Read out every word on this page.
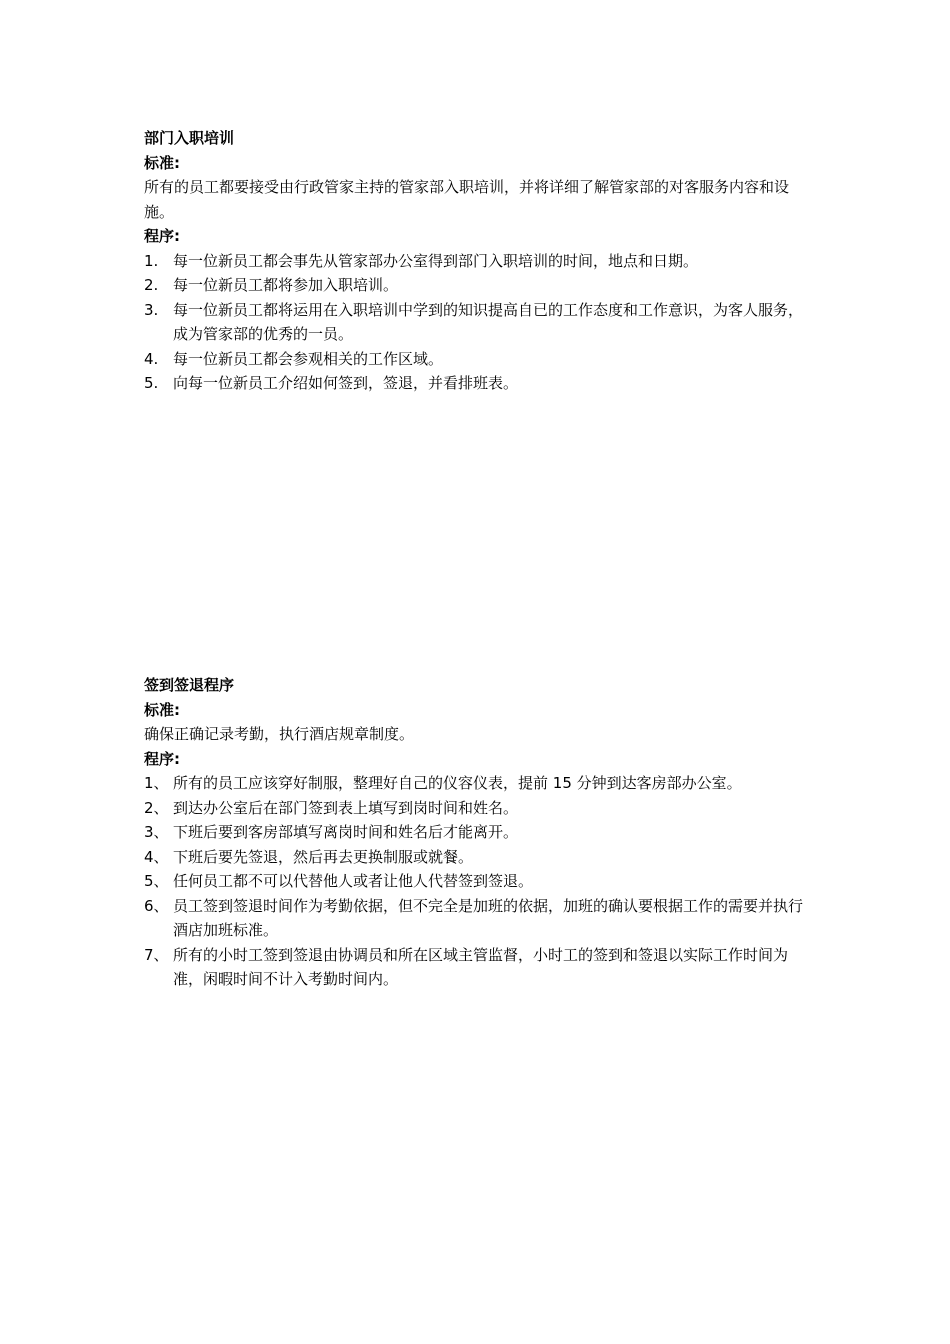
部门入职培训
标准:

所有的员工都要接受由行政管家主持的管家部入职培训，并将详细了解管家部的对客服务内容和设施。

程序:
1. 每一位新员工都会事先从管家部办公室得到部门入职培训的时间，地点和日期。
2. 每一位新员工都将参加入职培训。
3. 每一位新员工都将运用在入职培训中学到的知识提高自已的工作态度和工作意识，为客人服务，成为管家部的优秀的一员。
4. 每一位新员工都会参观相关的工作区域。
5. 向每一位新员工介绍如何签到，签退，并看排班表。
签到签退程序
标准:

确保正确记录考勤，执行酒店规章制度。

程序:
1、 所有的员工应该穿好制服，整理好自己的仪容仪表，提前 15 分钟到达客房部办公室。
2、 到达办公室后在部门签到表上填写到岗时间和姓名。
3、 下班后要到客房部填写离岗时间和姓名后才能离开。
4、 下班后要先签退，然后再去更换制服或就餐。
5、 任何员工都不可以代替他人或者让他人代替签到签退。
6、 员工签到签退时间作为考勤依据，但不完全是加班的依据，加班的确认要根据工作的需要并执行酒店加班标准。
7、 所有的小时工签到签退由协调员和所在区域主管监督，小时工的签到和签退以实际工作时间为准，闲暇时间不计入考勤时间内。
